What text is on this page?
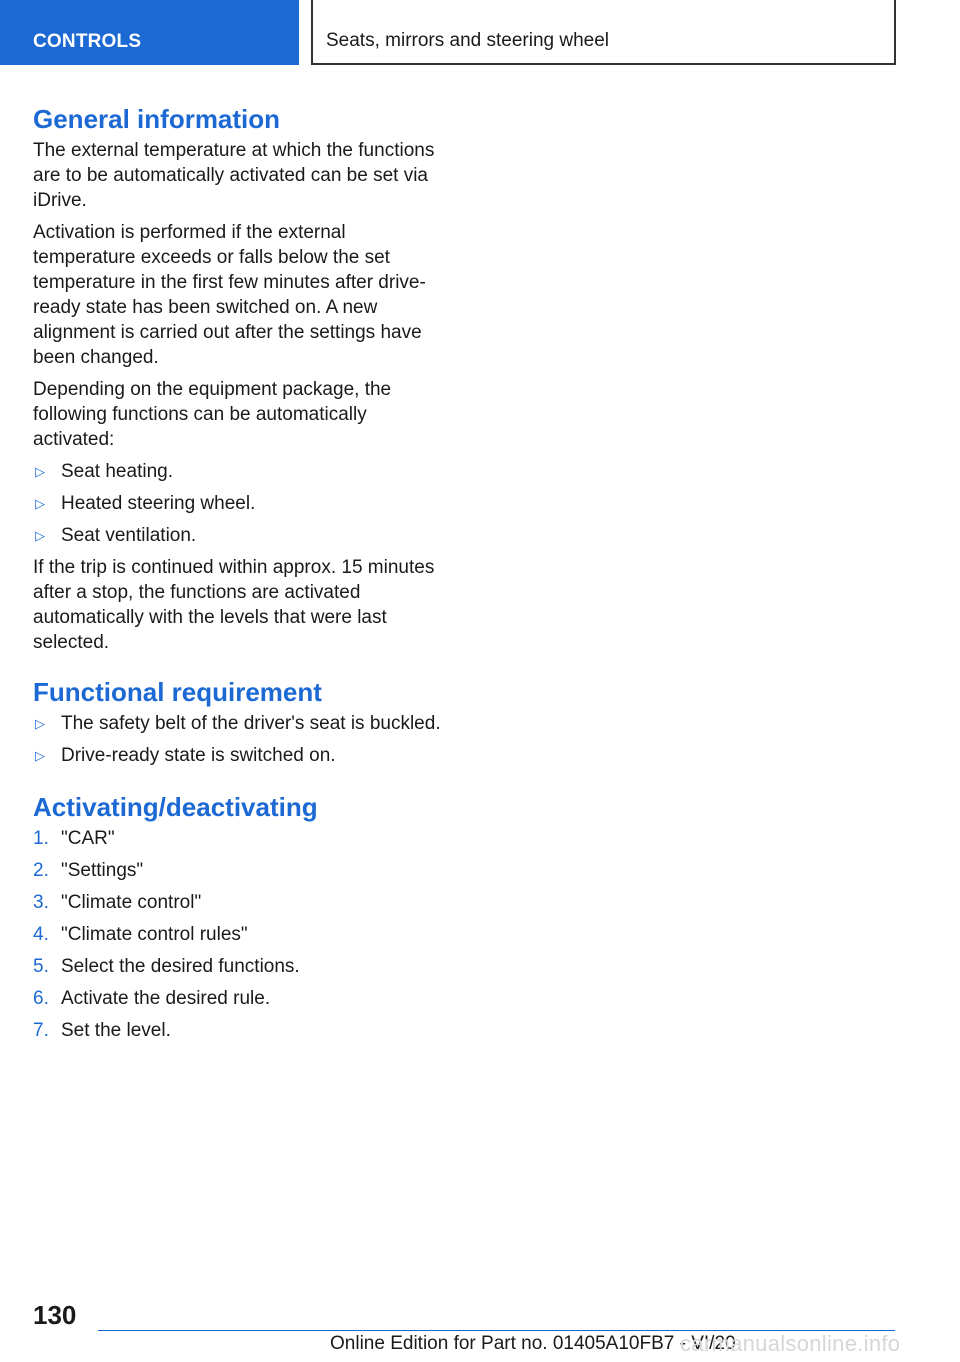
CONTROLS	Seats, mirrors and steering wheel
General information

The external temperature at which the functions are to be automatically activated can be set via iDrive.

Activation is performed if the external temperature exceeds or falls below the set temperature in the first few minutes after drive-ready state has been switched on. A new alignment is carried out after the settings have been changed.

Depending on the equipment package, the following functions can be automatically activated:

▷ Seat heating.
▷ Heated steering wheel.
▷ Seat ventilation.

If the trip is continued within approx. 15 minutes after a stop, the functions are activated automatically with the levels that were last selected.

Functional requirement
▷ The safety belt of the driver's seat is buckled.
▷ Drive-ready state is switched on.
Activating/deactivating
1. "CAR"
2. "Settings"
3. "Climate control"
4. "Climate control rules"
5. Select the desired functions.
6. Activate the desired rule.
7. Set the level.
130
Online Edition for Part no. 01405A10FB7 - VI/20
carmanualsonline.info
